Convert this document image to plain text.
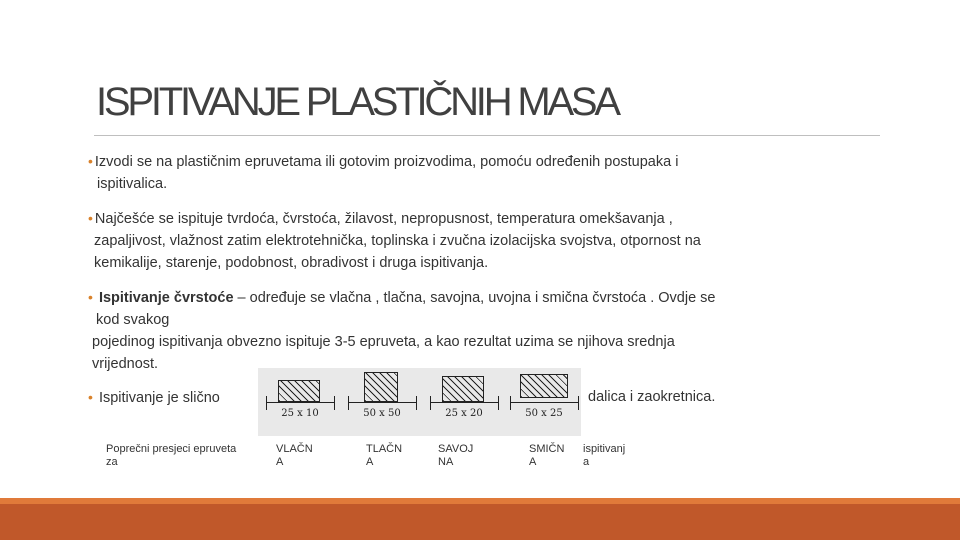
ISPITIVANJE PLASTIČNIH MASA
• Izvodi se na plastičnim epruvetama ili gotovim proizvodima, pomoću određenih postupaka i
ispitivalica.
• Najčešće se ispituje tvrdoća, čvrstoća, žilavost, nepropusnost, temperatura omekšavanja ,
zapaljivost, vlažnost zatim elektrotehnička, toplinska i zvučna izolacijska svojstva, otpornost na
kemikalije, starenje, podobnost, obradivost i druga ispitivanja.
• Ispitivanje čvrstoće – određuje se vlačna , tlačna, savojna, uvojna i smična čvrstoća . Ovdje se
kod svakog
pojedinog ispitivanja obvezno ispituje 3-5 epruveta, a kao rezultat uzima se njihova srednja
vrijednost.
• Ispitivanje je slično	dalica i zaokretnica.
25 x 10	50 x 50	25 x 20	50 x 25
Poprečni presjeci epruveta
za
VLAČN
A
TLAČN
A
SAVOJ
NA
SMIČN
A
ispitivanj
a
